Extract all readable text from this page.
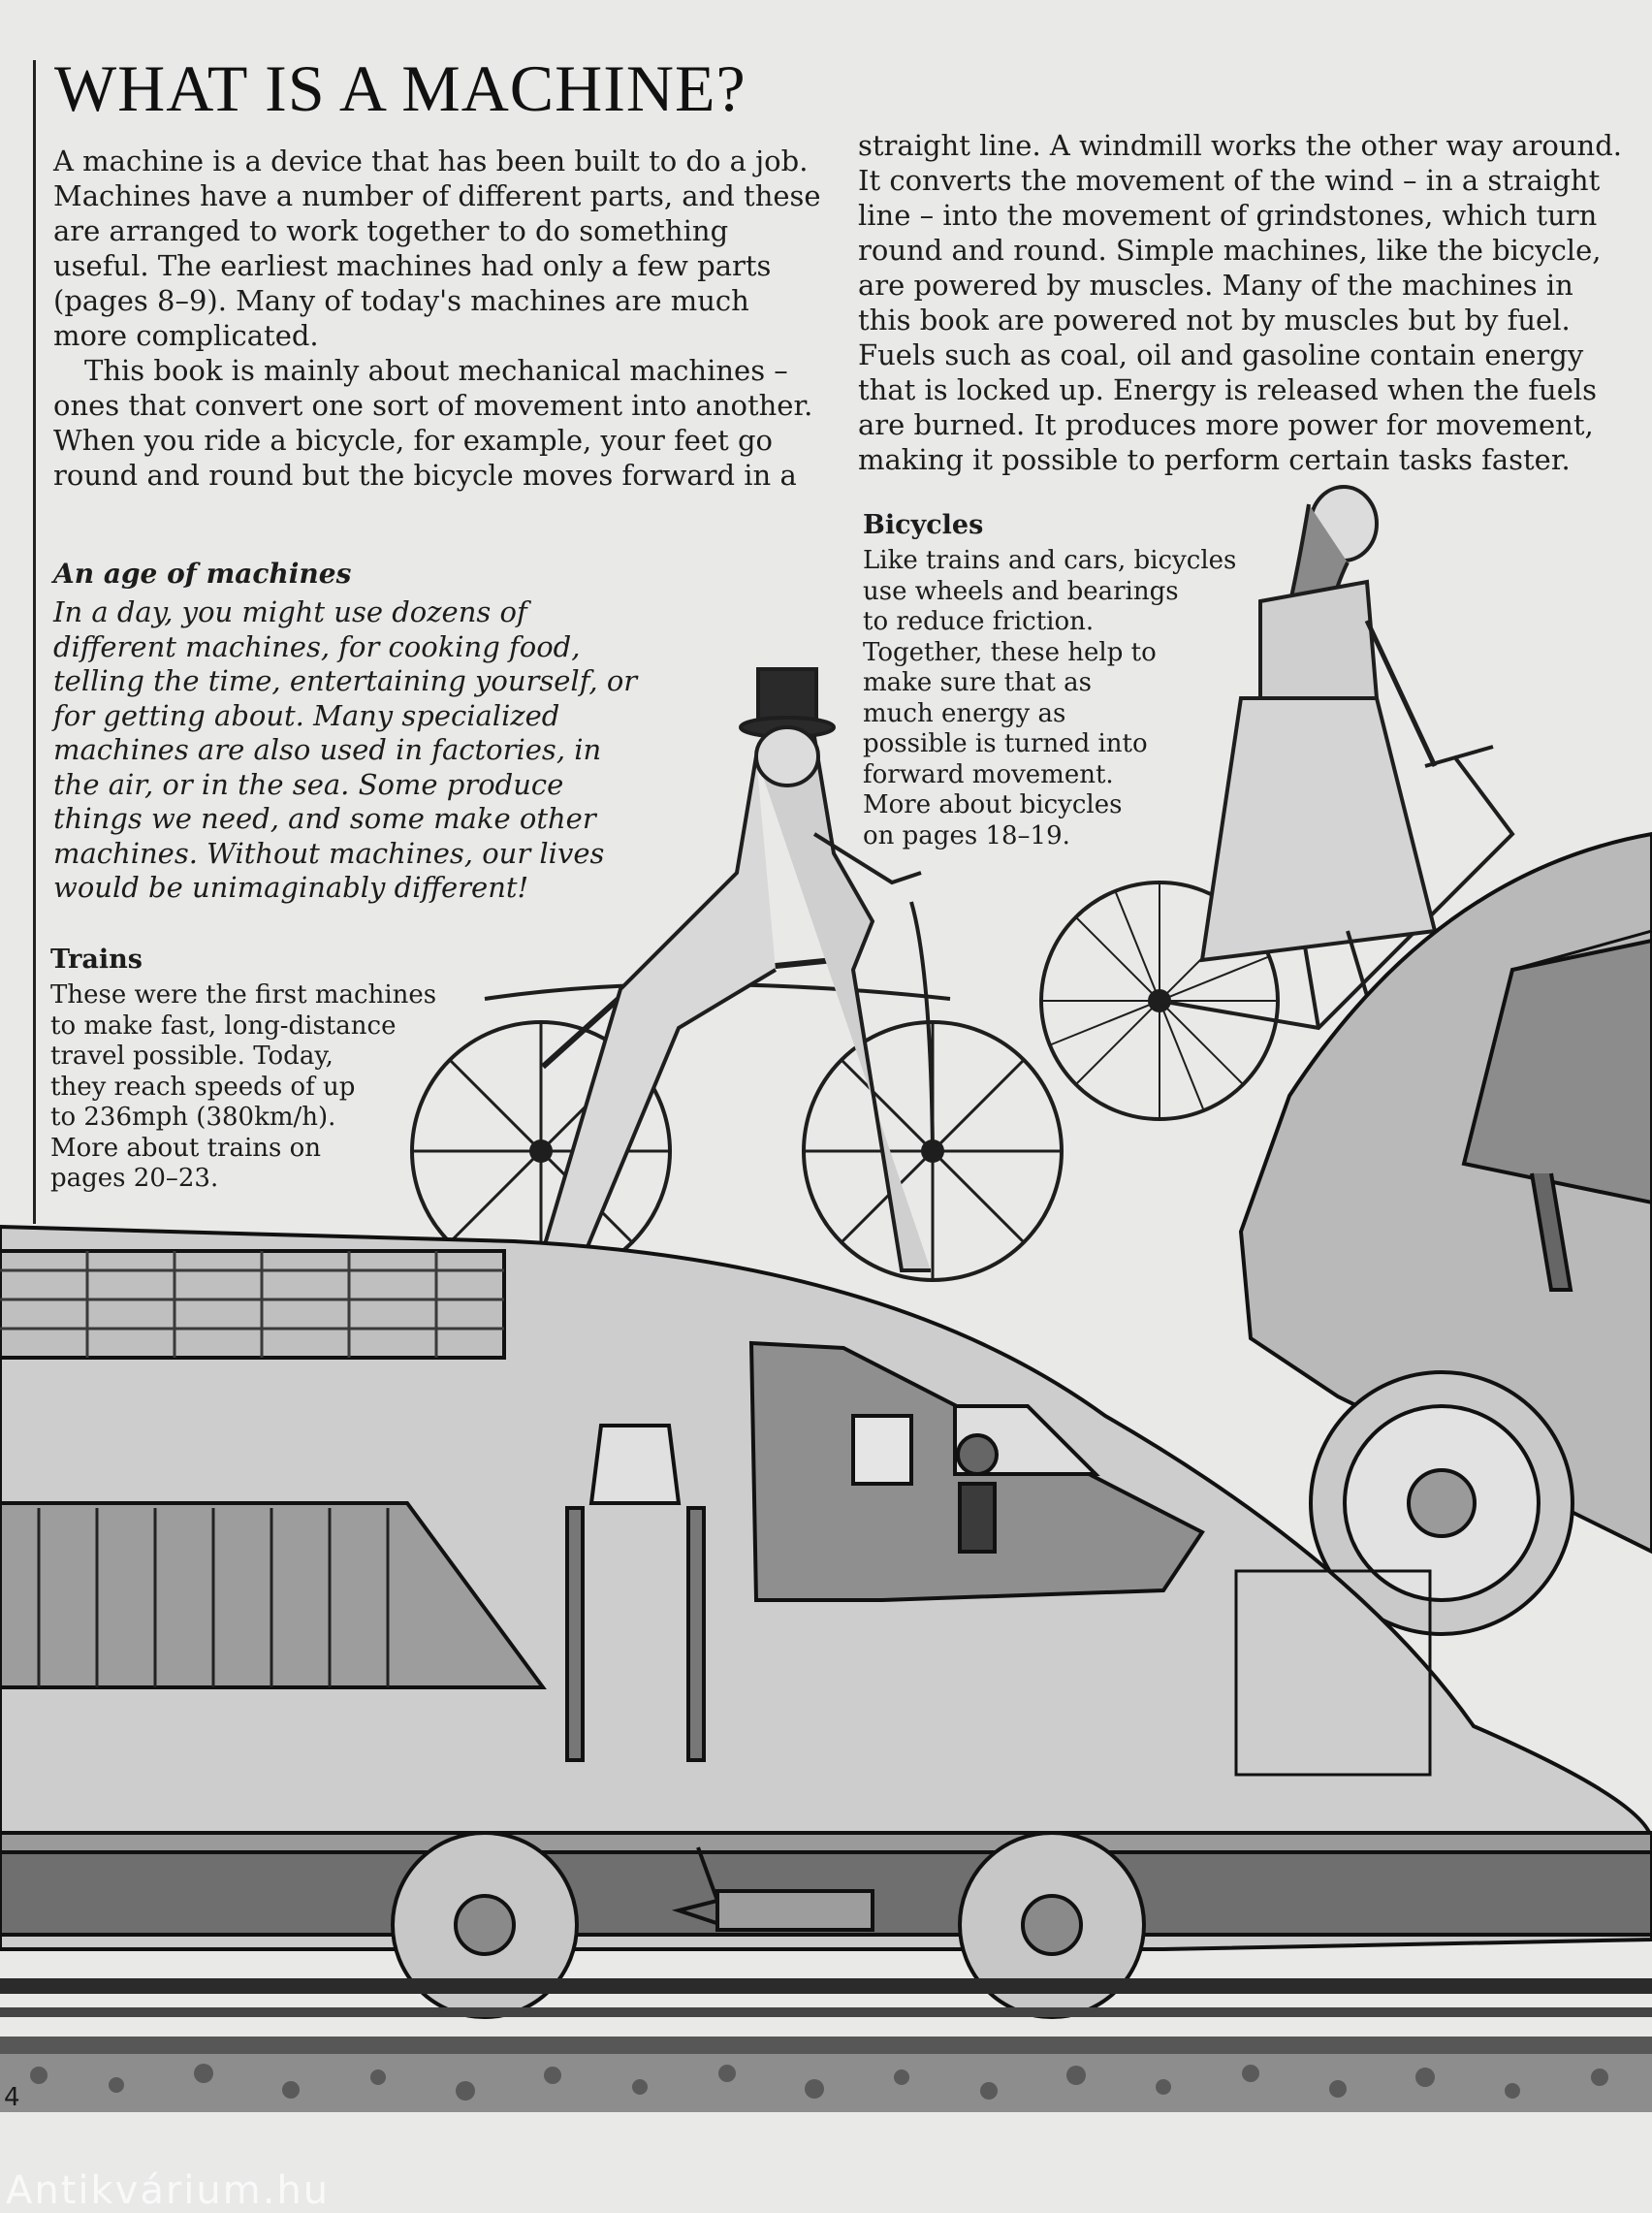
WHAT IS A MACHINE?

A machine is a device that has been built to do a job. Machines have a number of different parts, and these are arranged to work together to do something useful. The earliest machines had only a few parts (pages 8–9). Many of today's machines are much more complicated.

This book is mainly about mechanical machines – ones that convert one sort of movement into another. When you ride a bicycle, for example, your feet go round and round but the bicycle moves forward in a

straight line. A windmill works the other way around. It converts the movement of the wind – in a straight line – into the movement of grindstones, which turn round and round. Simple machines, like the bicycle, are powered by muscles. Many of the machines in this book are powered not by muscles but by fuel. Fuels such as coal, oil and gasoline contain energy that is locked up. Energy is released when the fuels are burned. It produces more power for movement, making it possible to perform certain tasks faster.

An age of machines
In a day, you might use dozens of
different machines, for cooking food,
telling the time, entertaining yourself, or
for getting about. Many specialized
machines are also used in factories, in
the air, or in the sea. Some produce
things we need, and some make other
machines. Without machines, our lives
would be unimaginably different!
Bicycles
Like trains and cars, bicycles
use wheels and bearings
to reduce friction.
Together, these help to
make sure that as
much energy as
possible is turned into
forward movement.
More about bicycles
on pages 18–19.
Trains
These were the first machines
to make fast, long-distance
travel possible. Today,
they reach speeds of up
to 236mph (380km/h).
More about trains on
pages 20–23.
4
Antikvárium.hu
